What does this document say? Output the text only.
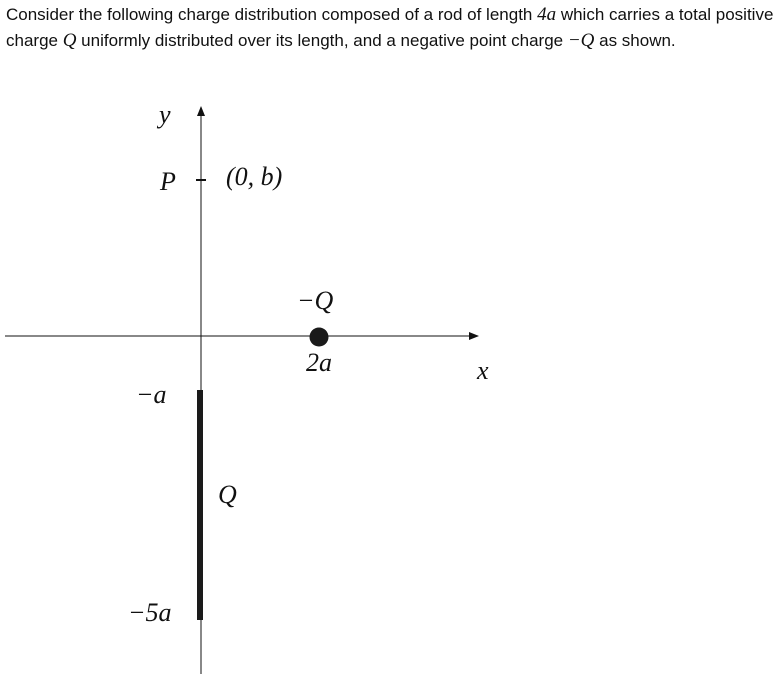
Consider the following charge distribution composed of a rod of length 4a which carries a total positive charge Q uniformly distributed over its length, and a negative point charge −Q as shown.
y
x
P (0, b)
−Q
2a
−a
Q
−5a
